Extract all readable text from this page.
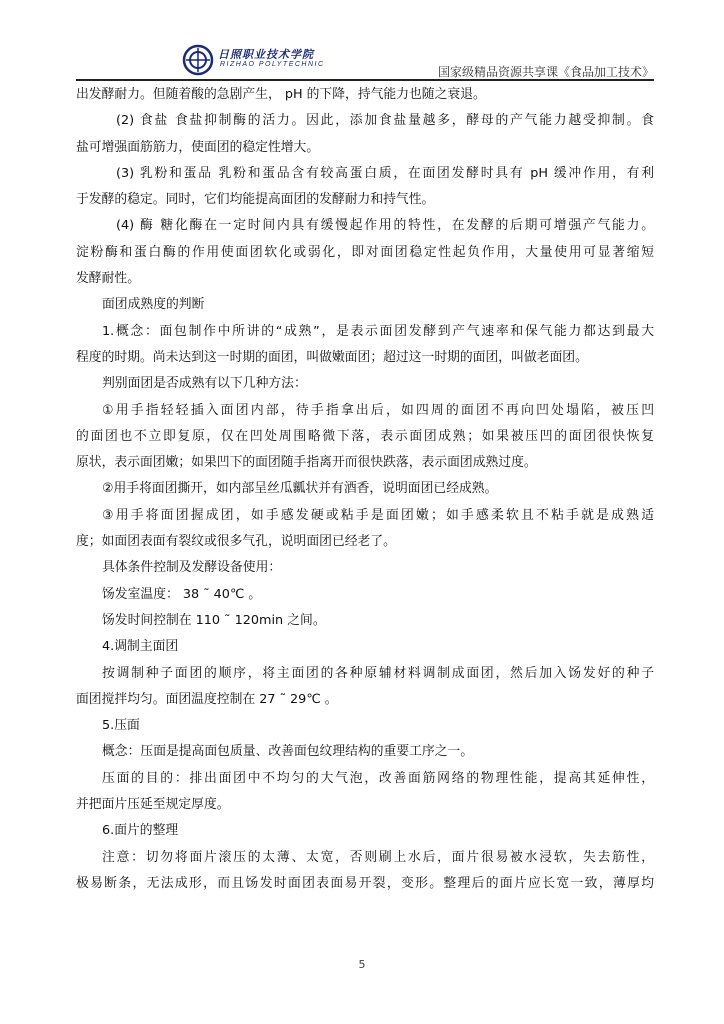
日照职业技术学院
RIZHAO POLYTECHNIC
国家级精品资源共享课《食品加工技术》
出发酵耐力。但随着酸的急剧产生， pH 的下降，持气能力也随之衰退。
(2) 食盐 食盐抑制酶的活力。因此，添加食盐量越多，酵母的产气能力越受抑制。食
盐可增强面筋筋力，使面团的稳定性增大。
(3) 乳粉和蛋品 乳粉和蛋品含有较高蛋白质，在面团发酵时具有 pH 缓冲作用，有利
于发酵的稳定。同时，它们均能提高面团的发酵耐力和持气性。
(4) 酶 糖化酶在一定时间内具有缓慢起作用的特性，在发酵的后期可增强产气能力。
淀粉酶和蛋白酶的作用使面团软化或弱化，即对面团稳定性起负作用，大量使用可显著缩短
发酵耐性。
面团成熟度的判断
1.概念：面包制作中所讲的“成熟”，是表示面团发酵到产气速率和保气能力都达到最大
程度的时期。尚未达到这一时期的面团，叫做嫩面团；超过这一时期的面团，叫做老面团。
判别面团是否成熟有以下几种方法：
①用手指轻轻插入面团内部，待手指拿出后，如四周的面团不再向凹处塌陷，被压凹
的面团也不立即复原，仅在凹处周围略微下落，表示面团成熟；如果被压凹的面团很快恢复
原状，表示面团嫩；如果凹下的面团随手指离开而很快跌落，表示面团成熟过度。
②用手将面团撕开，如内部呈丝瓜瓤状并有酒香，说明面团已经成熟。
③用手将面团握成团，如手感发硬或粘手是面团嫩；如手感柔软且不粘手就是成熟适
度；如面团表面有裂纹或很多气孔，说明面团已经老了。
具体条件控制及发酵设备使用：
饧发室温度： 38 ˜ 40℃ 。
饧发时间控制在 110 ˜ 120min 之间。
4.调制主面团
按调制种子面团的顺序，将主面团的各种原辅材料调制成面团，然后加入饧发好的种子
面团搅拌均匀。面团温度控制在 27 ˜ 29℃ 。
5.压面
概念：压面是提高面包质量、改善面包纹理结构的重要工序之一。
压面的目的：排出面团中不均匀的大气泡，改善面筋网络的物理性能，提高其延伸性，
并把面片压延至规定厚度。
6.面片的整理
注意：切勿将面片滚压的太薄、太宽，否则刷上水后，面片很易被水浸软，失去筋性，
极易断条，无法成形，而且饧发时面团表面易开裂，变形。整理后的面片应长宽一致，薄厚均
5
